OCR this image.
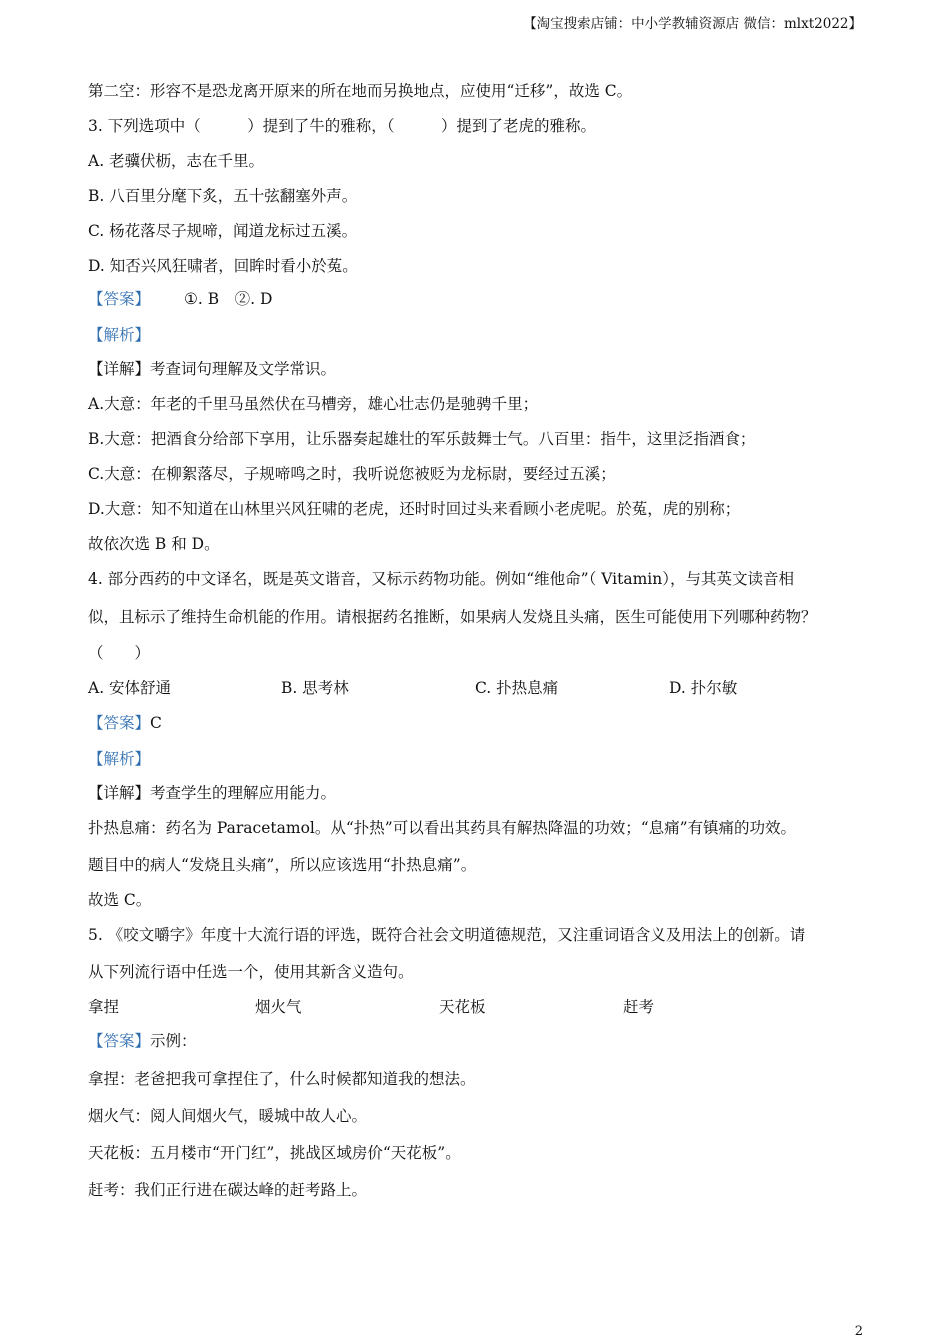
【淘宝搜索店铺：中小学教辅资源店 微信：mlxt2022】
第二空：形容不是恐龙离开原来的所在地而另换地点，应使用“迁移”，故选 C。
3. 下列选项中（　　　）提到了牛的雅称，（　　　）提到了老虎的雅称。
A. 老骥伏枥，志在千里。
B. 八百里分麾下炙，五十弦翻塞外声。
C. 杨花落尽子规啼，闻道龙标过五溪。
D. 知否兴风狂啸者，回眸时看小於菟。
【答案】 ①. B　②. D
【解析】
【详解】考查词句理解及文学常识。
A.大意：年老的千里马虽然伏在马槽旁，雄心壮志仍是驰骋千里；
B.大意：把酒食分给部下享用，让乐器奏起雄壮的军乐鼓舞士气。八百里：指牛，这里泛指酒食；
C.大意：在柳絮落尽，子规啼鸣之时，我听说您被贬为龙标尉，要经过五溪；
D.大意：知不知道在山林里兴风狂啸的老虎，还时时回过头来看顾小老虎呢。於菟，虎的别称；
故依次选 B 和 D。
4. 部分西药的中文译名，既是英文谐音，又标示药物功能。例如“维他命”（ Vitamin），与其英文读音相
似，且标示了维持生命机能的作用。请根据药名推断，如果病人发烧且头痛，医生可能使用下列哪种药物？
（　　）
A. 安体舒通	B. 思考林	C. 扑热息痛	D. 扑尔敏
【答案】C
【解析】
【详解】考查学生的理解应用能力。
扑热息痛：药名为 Paracetamol。从“扑热”可以看出其药具有解热降温的功效；“息痛”有镇痛的功效。
题目中的病人“发烧且头痛”，所以应该选用“扑热息痛”。
故选 C。
5. 《咬文嚼字》年度十大流行语的评选，既符合社会文明道德规范，又注重词语含义及用法上的创新。请
从下列流行语中任选一个，使用其新含义造句。
拿捏	烟火气	天花板	赶考
【答案】示例：
拿捏：老爸把我可拿捏住了，什么时候都知道我的想法。
烟火气：阅人间烟火气，暖城中故人心。
天花板：五月楼市“开门红”，挑战区域房价“天花板”。
赶考：我们正行进在碳达峰的赶考路上。
2
